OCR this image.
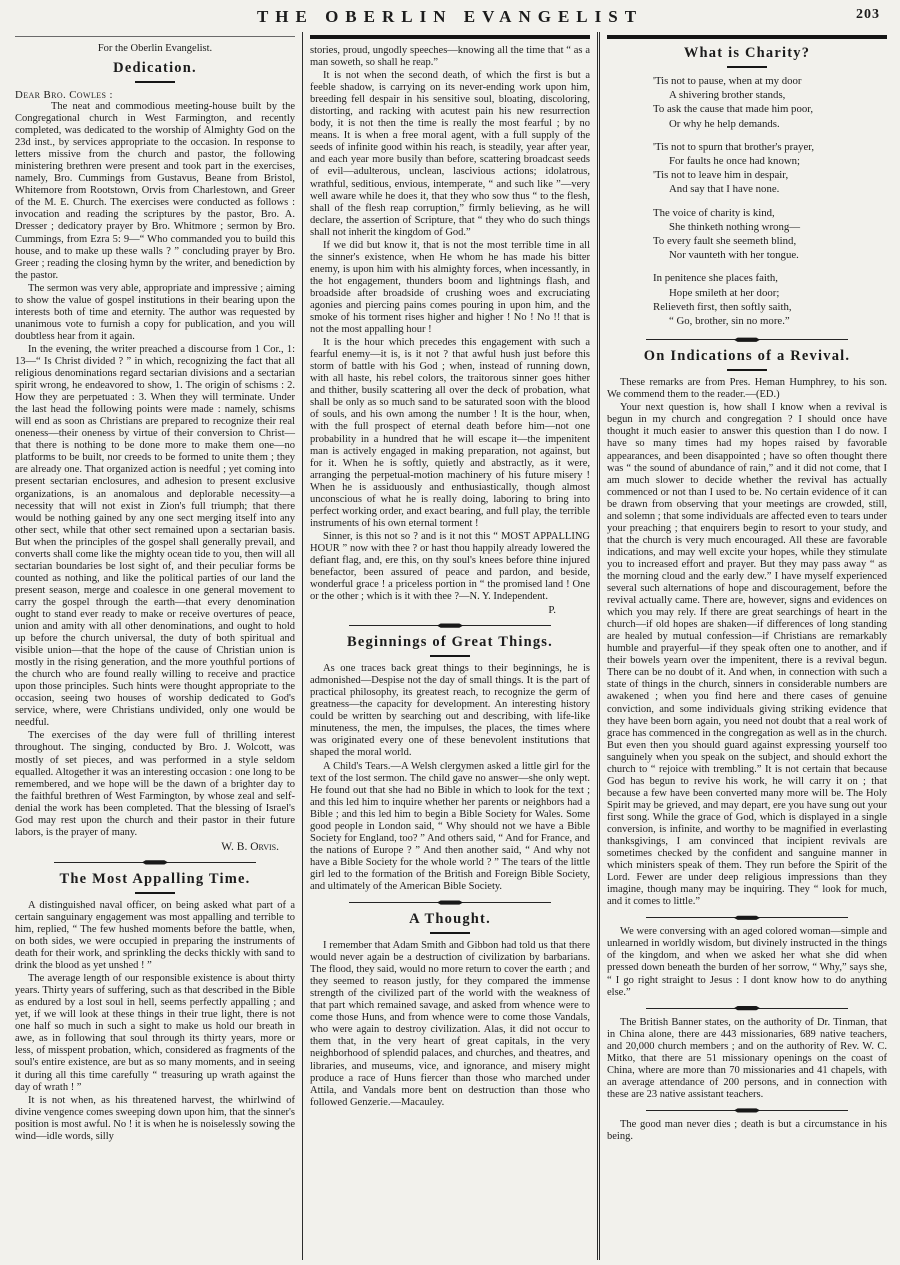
THE OBERLIN EVANGELIST	203
For the Oberlin Evangelist.
Dedication.
Dear Bro. Cowles :

The neat and commodious meeting-house built by the Congregational church in West Farmington, and recently completed, was dedicated to the worship of Almighty God on the 23d inst., by services appropriate to the occasion. In response to letters missive from the church and pastor, the following ministering brethren were present and took part in the exercises, namely, Bro. Cummings from Gustavus, Beane from Bristol, Whitemore from Rootstown, Orvis from Charlestown, and Greer of the M. E. Church. The exercises were conducted as follows : invocation and reading the scriptures by the pastor, Bro. A. Dresser ; dedicatory prayer by Bro. Whitmore ; sermon by Bro. Cummings, from Ezra 5: 9—“ Who commanded you to build this house, and to make up these walls ? ” concluding prayer by Bro. Greer ; reading the closing hymn by the writer, and benediction by the pastor.

The sermon was very able, appropriate and impressive ; aiming to show the value of gospel institutions in their bearing upon the interests both of time and eternity. The author was requested by unanimous vote to furnish a copy for publication, and you will doubtless hear from it again.

In the evening, the writer preached a discourse from 1 Cor., 1: 13—“ Is Christ divided ? ” in which, recognizing the fact that all religious denominations regard sectarian divisions and a sectarian spirit wrong, he endeavored to show, 1. The origin of schisms : 2. How they are perpetuated : 3. When they will terminate. Under the last head the following points were made : namely, schisms will end as soon as Christians are prepared to recognize their real oneness—their oneness by virtue of their conversion to Christ—that there is nothing to be done more to make them one—no platforms to be built, nor creeds to be formed to unite them ; they are already one. That organized action is needful ; yet coming into present sectarian enclosures, and adhesion to present exclusive organizations, is an anomalous and deplorable necessity—a necessity that will not exist in Zion's full triumph; that there would be nothing gained by any one sect merging itself into any other sect, while that other sect remained upon a sectarian basis. But when the principles of the gospel shall generally prevail, and converts shall come like the mighty ocean tide to you, then will all sectarian boundaries be lost sight of, and their peculiar forms be counted as nothing, and like the political parties of our land the present season, merge and coalesce in one general movement to carry the gospel through the earth—that every denomination ought to stand ever ready to make or receive overtures of peace, union and amity with all other denominations, and ought to hold up before the church universal, the duty of both spiritual and visible union—that the hope of the cause of Christian union is mostly in the rising generation, and the more youthful portions of the church who are found really willing to receive and practice upon those principles. Such hints were thought appropriate to the occasion, seeing two houses of worship dedicated to God's service, where, were Christians undivided, only one would be needful.

The exercises of the day were full of thrilling interest throughout. The singing, conducted by Bro. J. Wolcott, was mostly of set pieces, and was performed in a style seldom equalled. Altogether it was an interesting occasion : one long to be remembered, and we hope will be the dawn of a brighter day to the faithful brethren of West Farmington, by whose zeal and self-denial the work has been completed. That the blessing of Israel's God may rest upon the church and their pastor in their future labors, is the prayer of many.

W. B. Orvis.
The Most Appalling Time.

A distinguished naval officer, on being asked what part of a certain sanguinary engagement was most appalling and terrible to him, replied, “ The few hushed moments before the battle, when, on both sides, we were occupied in preparing the instruments of death for their work, and sprinkling the decks thickly with sand to drink the blood as yet unshed ! ”

The average length of our responsible existence is about thirty years. Thirty years of suffering, such as that described in the Bible as endured by a lost soul in hell, seems perfectly appalling ; and yet, if we will look at these things in their true light, there is not one half so much in such a sight to make us hold our breath in awe, as in following that soul through its thirty years, more or less, of misspent probation, which, considered as fragments of the soul's entire existence, are but as so many moments, and in seeing it during all this time carefully “ treasuring up wrath against the day of wrath ! ”

It is not when, as his threatened harvest, the whirlwind of divine vengence comes sweeping down upon him, that the sinner's position is most awful. No ! it is when he is noiselessly sowing the wind—idle words, silly

stories, proud, ungodly speeches—knowing all the time that “ as a man soweth, so shall he reap.”

It is not when the second death, of which the first is but a feeble shadow, is carrying on its never-ending work upon him, breeding fell despair in his sensitive soul, bloating, discoloring, distorting, and racking with acutest pain his new resurrection body, it is not then the time is really the most fearful ; by no means. It is when a free moral agent, with a full supply of the seeds of infinite good within his reach, is steadily, year after year, and each year more busily than before, scattering broadcast seeds of evil—adulterous, unclean, lascivious actions; idolatrous, wrathful, seditious, envious, intemperate, “ and such like ”—very well aware while he does it, that they who sow thus “ to the flesh, shall of the flesh reap corruption,” firmly believing, as he will declare, the assertion of Scripture, that “ they who do such things shall not inherit the kingdom of God.”

If we did but know it, that is not the most terrible time in all the sinner's existence, when He whom he has made his bitter enemy, is upon him with his almighty forces, when incessantly, in the hot engagement, thunders boom and lightnings flash, and broadside after broadside of crushing woes and excruciating agonies and piercing pains comes pouring in upon him, and the smoke of his torment rises higher and higher ! No ! No !! that is not the most appalling hour !

It is the hour which precedes this engagement with such a fearful enemy—it is, is it not ? that awful hush just before this storm of battle with his God ; when, instead of running down, with all haste, his rebel colors, the traitorous sinner goes hither and thither, busily scattering all over the deck of probation, what shall be only as so much sand to be saturated soon with the blood of souls, and his own among the number ! It is the hour, when, with the full prospect of eternal death before him—not one probability in a hundred that he will escape it—the impenitent man is actively engaged in making preparation, not against, but for it. When he is softly, quietly and abstractly, as it were, arranging the perpetual-motion machinery of his future misery ! When he is assiduously and enthusiastically, though almost unconscious of what he is really doing, laboring to bring into perfect working order, and exact bearing, and full play, the terrible instruments of his own eternal torment !

Sinner, is this not so ? and is it not this “ MOST APPALLING HOUR ” now with thee ? or hast thou happily already lowered the defiant flag, and, ere this, on thy soul's knees before thine injured benefactor, been assured of peace and pardon, and beside, wonderful grace ! a priceless portion in “ the promised land ! One or the other ; which is it with thee ?—N. Y. Independent.

P.
Beginnings of Great Things.

As one traces back great things to their beginnings, he is admonished—Despise not the day of small things. It is the part of practical philosophy, its greatest reach, to recognize the germ of greatness—the capacity for development. An interesting history could be written by searching out and describing, with life-like minuteness, the men, the impulses, the places, the times where was originated every one of these benevolent institutions that shaped the moral world.

A Child's Tears.—A Welsh clergymen asked a little girl for the text of the lost sermon. The child gave no answer—she only wept. He found out that she had no Bible in which to look for the text ; and this led him to inquire whether her parents or neighbors had a Bible ; and this led him to begin a Bible Society for Wales. Some good people in London said, “ Why should not we have a Bible Society for England, too? ” And others said, “ And for France, and the nations of Europe ? ” And then another said, “ And why not have a Bible Society for the whole world ? ” The tears of the little girl led to the formation of the British and Foreign Bible Society, and ultimately of the American Bible Society.

A Thought.

I remember that Adam Smith and Gibbon had told us that there would never again be a destruction of civilization by barbarians. The flood, they said, would no more return to cover the earth ; and they seemed to reason justly, for they compared the immense strength of the civilized part of the world with the weakness of that part which remained savage, and asked from whence were to come those Huns, and from whence were to come those Vandals, who were again to destroy civilization. Alas, it did not occur to them that, in the very heart of great capitals, in the very neighborhood of splendid palaces, and churches, and theatres, and libraries, and museums, vice, and ignorance, and misery might produce a race of Huns fiercer than those who marched under Attila, and Vandals more bent on destruction than those who followed Genzerie.—Macauley.

What is Charity?
'Tis not to pause, when at my door
A shivering brother stands,
To ask the cause that made him poor,
Or why he help demands.
'Tis not to spurn that brother's prayer,
For faults he once had known;
'Tis not to leave him in despair,
And say that I have none.
The voice of charity is kind,
She thinketh nothing wrong—
To every fault she seemeth blind,
Nor vaunteth with her tongue.
In penitence she places faith,
Hope smileth at her door;
Relieveth first, then softly saith,
“ Go, brother, sin no more.”
On Indications of a Revival.

These remarks are from Pres. Heman Humphrey, to his son. We commend them to the reader.—(ED.)

Your next question is, how shall I know when a revival is begun in my church and congregation ? I should once have thought it much easier to answer this question than I do now. I have so many times had my hopes raised by favorable appearances, and been disappointed ; have so often thought there was “ the sound of abundance of rain,” and it did not come, that I am much slower to decide whether the revival has actually commenced or not than I used to be. No certain evidence of it can be drawn from observing that your meetings are crowded, still, and solemn ; that some individuals are affected even to tears under your preaching ; that enquirers begin to resort to your study, and that the church is very much encouraged. All these are favorable indications, and may well excite your hopes, while they stimulate you to increased effort and prayer. But they may pass away “ as the morning cloud and the early dew.” I have myself experienced several such alternations of hope and discouragement, before the revival actually came. There are, however, signs and evidences on which you may rely. If there are great searchings of heart in the church—if old hopes are shaken—if differences of long standing are healed by mutual confession—if Christians are remarkably humble and prayerful—if they speak often one to another, and if their bowels yearn over the impenitent, there is a revival begun. There can be no doubt of it. And when, in connection with such a state of things in the church, sinners in considerable numbers are awakened ; when you find here and there cases of genuine conviction, and some individuals giving striking evidence that they have been born again, you need not doubt that a real work of grace has commenced in the congregation as well as in the church. But even then you should guard against expressing yourself too sanguinely when you speak on the subject, and should exhort the church to “ rejoice with trembling.” It is not certain that because God has begun to revive his work, he will carry it on ; that because a few have been converted many more will be. The Holy Spirit may be grieved, and may depart, ere you have sung out your first song. While the grace of God, which is displayed in a single conversion, is infinite, and worthy to be magnified in everlasting thanksgivings, I am convinced that incipient revivals are sometimes checked by the confident and sanguine manner in which ministers speak of them. They run before the Spirit of the Lord. Fewer are under deep religious impressions than they imagine, though many may be inquiring. They “ look for much, and it comes to little.”

We were conversing with an aged colored woman—simple and unlearned in worldly wisdom, but divinely instructed in the things of the kingdom, and when we asked her what she did when pressed down beneath the burden of her sorrow, “ Why,” says she, “ I go right straight to Jesus : I dont know how to do anything else.”

The British Banner states, on the authority of Dr. Tinman, that in China alone, there are 443 missionaries, 689 native teachers, and 20,000 church members ; and on the authority of Rev. W. C. Mitko, that there are 51 missionary openings on the coast of China, where are more than 70 missionaries and 41 chapels, with an average attendance of 200 persons, and in connection with these are 23 native assistant teachers.

The good man never dies ; death is but a circumstance in his being.
